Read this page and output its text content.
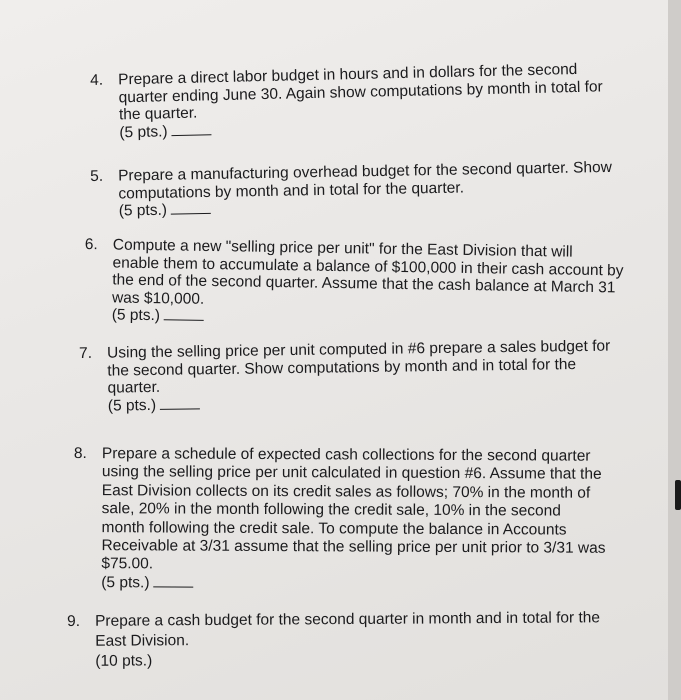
4. Prepare a direct labor budget in hours and in dollars for the second
quarter ending June 30. Again show computations by month in total for
the quarter.
(5 pts.)
5. Prepare a manufacturing overhead budget for the second quarter. Show
computations by month and in total for the quarter.
(5 pts.)
6. Compute a new "selling price per unit" for the East Division that will
enable them to accumulate a balance of $100,000 in their cash account by
the end of the second quarter. Assume that the cash balance at March 31
was $10,000.
(5 pts.)
7. Using the selling price per unit computed in #6 prepare a sales budget for
the second quarter. Show computations by month and in total for the
quarter.
(5 pts.)
8. Prepare a schedule of expected cash collections for the second quarter
using the selling price per unit calculated in question #6. Assume that the
East Division collects on its credit sales as follows; 70% in the month of
sale, 20% in the month following the credit sale, 10% in the second
month following the credit sale. To compute the balance in Accounts
Receivable at 3/31 assume that the selling price per unit prior to 3/31 was
$75.00.
(5 pts.)
9. Prepare a cash budget for the second quarter in month and in total for the
East Division.
(10 pts.)
